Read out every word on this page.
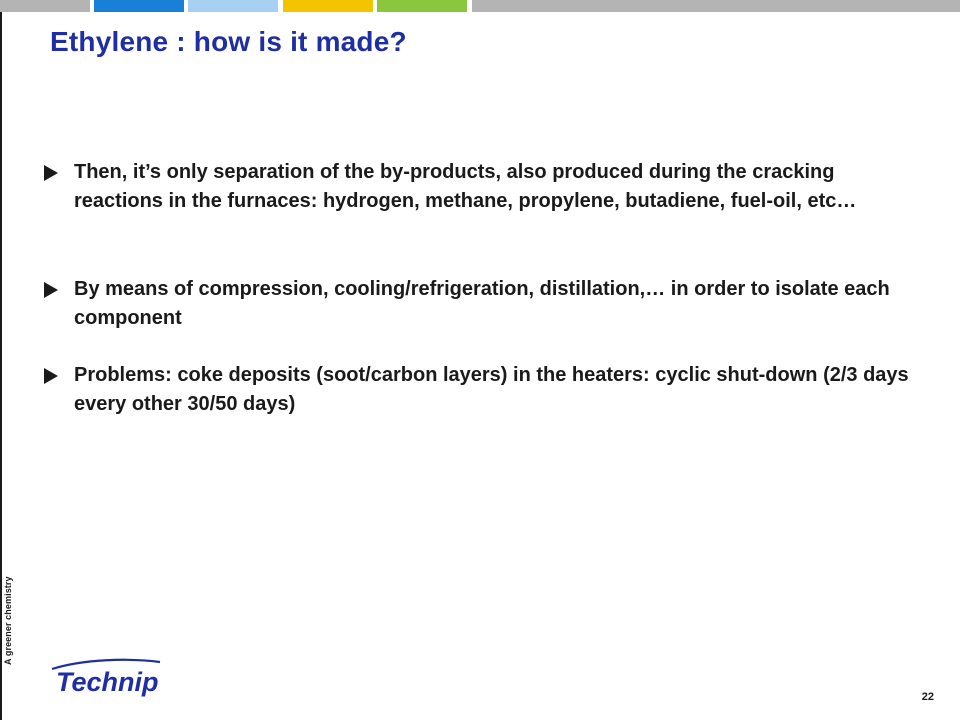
Ethylene : how is it made?
Then, it’s only separation of the by-products, also produced during the cracking reactions in the furnaces: hydrogen, methane, propylene, butadiene, fuel-oil, etc…
By means of compression, cooling/refrigeration, distillation,… in order to isolate each component
Problems: coke deposits (soot/carbon layers) in the heaters: cyclic shut-down (2/3 days every other 30/50 days)
A greener chemistry
Technip	22
